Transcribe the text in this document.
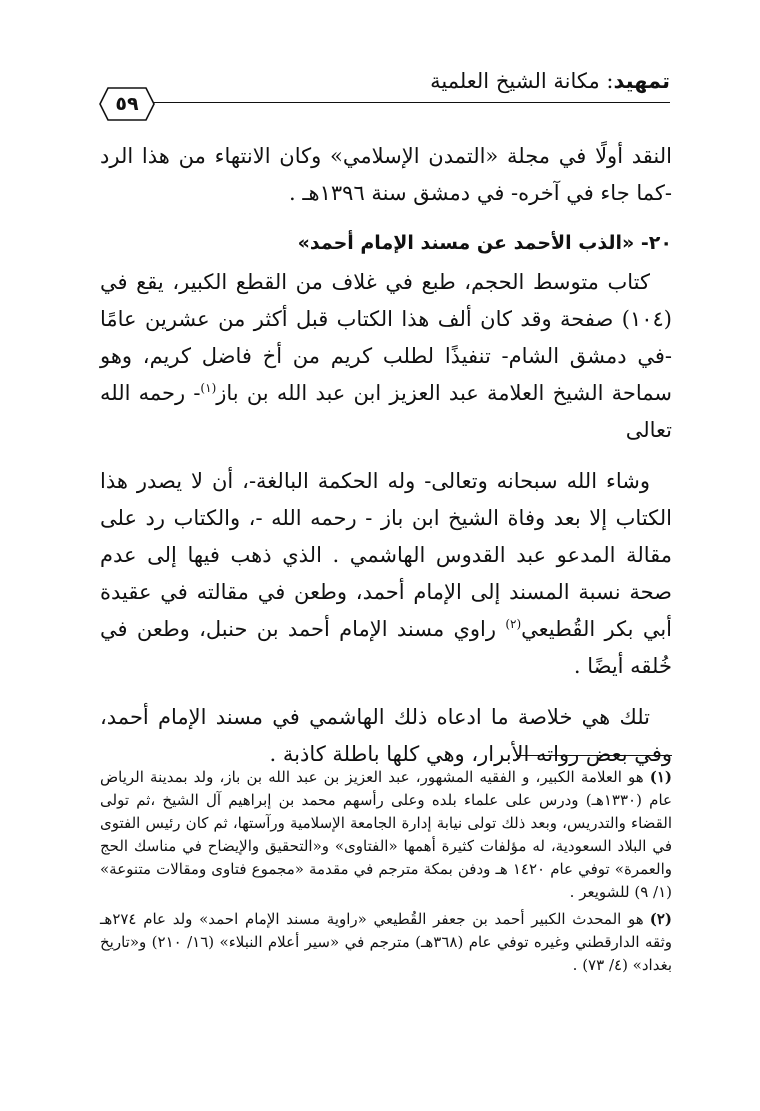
تمهيد: مكانة الشيخ العلمية
٥٩

النقد أولًا في مجلة «التمدن الإسلامي» وكان الانتهاء من هذا الرد -كما جاء في آخره- في دمشق سنة ١٣٩٦هـ .

٢٠- «الذب الأحمد عن مسند الإمام أحمد»

كتاب متوسط الحجم، طبع في غلاف من القطع الكبير، يقع في (١٠٤) صفحة وقد كان ألف هذا الكتاب قبل أكثر من عشرين عامًا -في دمشق الشام- تنفيذًا لطلب كريم من أخ فاضل كريم، وهو سماحة الشيخ العلامة عبد العزيز ابن عبد الله بن باز$^{(١)}$- رحمه الله تعالى

وشاء الله سبحانه وتعالى- وله الحكمة البالغة-، أن لا يصدر هذا الكتاب إلا بعد وفاة الشيخ ابن باز - رحمه الله -، والكتاب رد على مقالة المدعو عبد القدوس الهاشمي . الذي ذهب فيها إلى عدم صحة نسبة المسند إلى الإمام أحمد، وطعن في مقالته في عقيدة أبي بكر القُطيعي$^{(٢)}$ راوي مسند الإمام أحمد بن حنبل، وطعن في خُلقه أيضًا .

تلك هي خلاصة ما ادعاه ذلك الهاشمي في مسند الإمام أحمد، وفي بعض رواته الأبرار، وهي كلها باطلة كاذبة .

(١)هو العلامة الكبير، و الفقيه المشهور، عبد العزيز بن عبد الله بن باز، ولد بمدينة الرياض عام (١٣٣٠هـ) ودرس على علماء بلده وعلى رأسهم محمد بن إبراهيم آل الشيخ ،ثم تولى القضاء والتدريس، وبعد ذلك تولى نيابة إدارة الجامعة الإسلامية ورآستها، ثم كان رئيس الفتوى في البلاد السعودية، له مؤلفات كثيرة أهمها «الفتاوى» و«التحقيق والإيضاح في مناسك الحج والعمرة» توفي عام ١٤٢٠ هـ ودفن بمكة مترجم في مقدمة «مجموع فتاوى ومقالات متنوعة» (١/ ٩) للشويعر .

(٢)هو المحدث الكبير أحمد بن جعفر القُطيعي «راوية مسند الإمام احمد» ولد عام ٢٧٤هـ وثقه الدارقطني وغيره توفي عام (٣٦٨هـ) مترجم في «سير أعلام النبلاء» (١٦/ ٢١٠) و«تاريخ بغداد» (٤/ ٧٣) .
